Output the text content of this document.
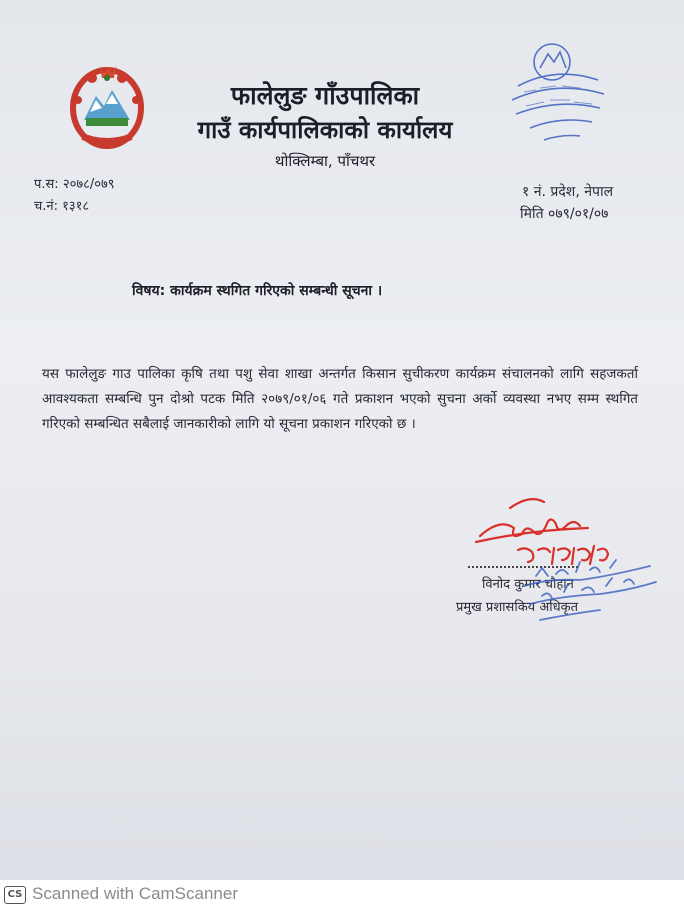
फालेलुङ गाँउपालिका
गाउँ कार्यपालिकाको कार्यालय
थोक्लिम्बा, पाँचथर
प.स: २०७८/०७९
च.नं: १३१८
१ नं. प्रदेश, नेपाल
मिति ०७९/०१/०७
विषय: कार्यक्रम स्थगित गरिएको सम्बन्धी सूचना ।
यस फालेलुङ गाउ पालिका कृषि तथा पशु सेवा शाखा अन्तर्गत किसान सुचीकरण कार्यक्रम संचालनको लागि सहजकर्ता आवश्यकता सम्बन्धि पुन दोश्रो पटक मिति २०७९/०१/०६ गते प्रकाशन भएको सुचना अर्को व्यवस्था नभए सम्म स्थगित गरिएको सम्बन्धित सबैलाई जानकारीको लागि यो सूचना प्रकाशन गरिएको छ ।
विनोद कुमार चौहान
प्रमुख प्रशासकिय अधिकृत
CS Scanned with CamScanner
